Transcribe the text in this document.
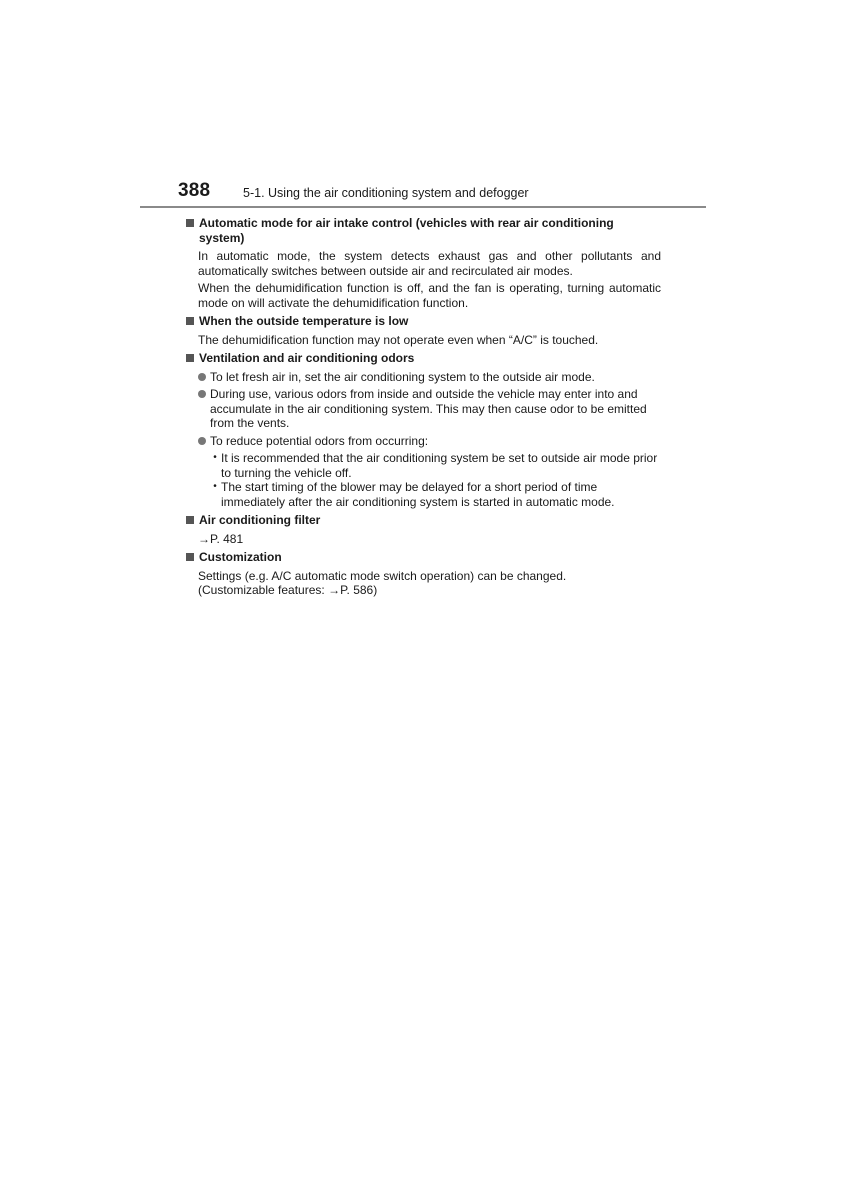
388	5-1. Using the air conditioning system and defogger
Automatic mode for air intake control (vehicles with rear air conditioning system)

In automatic mode, the system detects exhaust gas and other pollutants and automatically switches between outside air and recirculated air modes.

When the dehumidification function is off, and the fan is operating, turning automatic mode on will activate the dehumidification function.

When the outside temperature is low

The dehumidification function may not operate even when “A/C” is touched.

Ventilation and air conditioning odors
To let fresh air in, set the air conditioning system to the outside air mode.
During use, various odors from inside and outside the vehicle may enter into and accumulate in the air conditioning system. This may then cause odor to be emitted from the vents.
To reduce potential odors from occurring:
• It is recommended that the air conditioning system be set to outside air mode prior to turning the vehicle off.
• The start timing of the blower may be delayed for a short period of time immediately after the air conditioning system is started in automatic mode.
Air conditioning filter

→P. 481

Customization

Settings (e.g. A/C automatic mode switch operation) can be changed.

(Customizable features: →P. 586)
